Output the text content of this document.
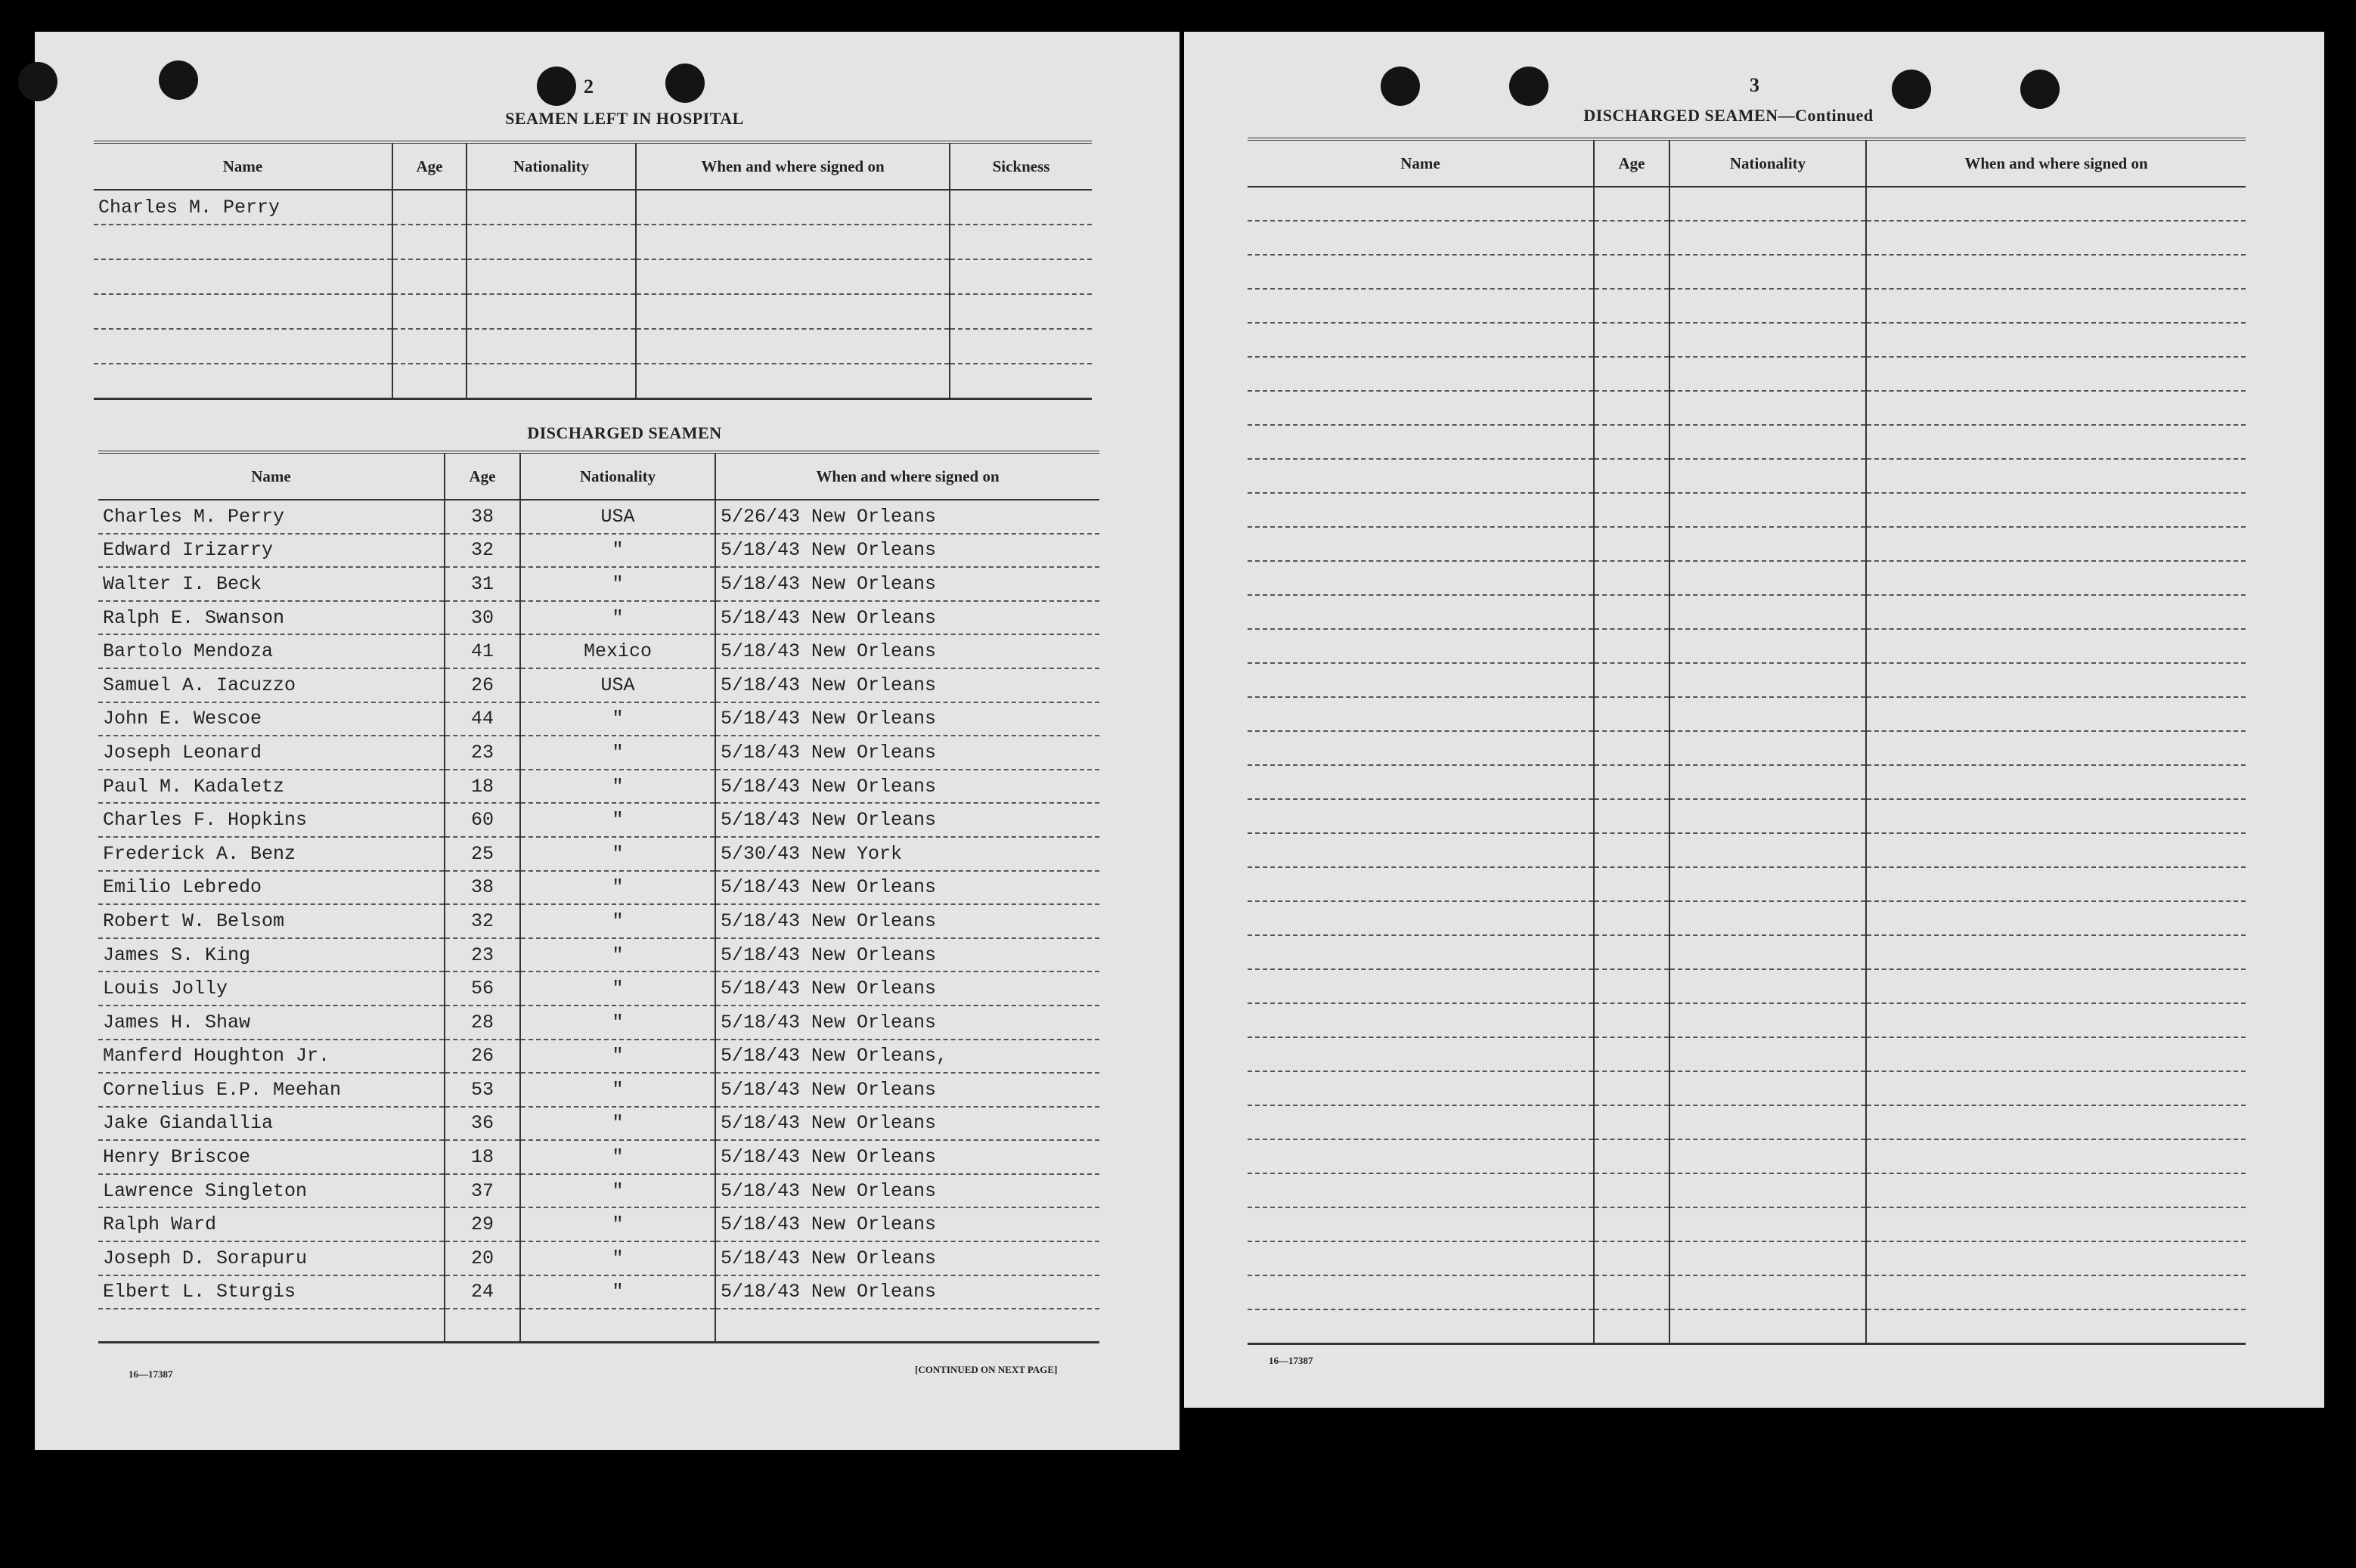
2
SEAMEN LEFT IN HOSPITAL
Name	Age	Nationality	When and where signed on	Sickness
Charles M. Perry				

DISCHARGED SEAMEN
Name	Age	Nationality	When and where signed on
Charles M. Perry	38	USA	5/26/43 New Orleans
Edward Irizarry	32	"	5/18/43 New Orleans
Walter I. Beck	31	"	5/18/43 New Orleans
Ralph E. Swanson	30	"	5/18/43 New Orleans
Bartolo Mendoza	41	Mexico	5/18/43 New Orleans
Samuel A. Iacuzzo	26	USA	5/18/43 New Orleans
John E. Wescoe	44	"	5/18/43 New Orleans
Joseph Leonard	23	"	5/18/43 New Orleans
Paul M. Kadaletz	18	"	5/18/43 New Orleans
Charles F. Hopkins	60	"	5/18/43 New Orleans
Frederick A. Benz	25	"	5/30/43 New York
Emilio Lebredo	38	"	5/18/43 New Orleans
Robert W. Belsom	32	"	5/18/43 New Orleans
James S. King	23	"	5/18/43 New Orleans
Louis Jolly	56	"	5/18/43 New Orleans
James H. Shaw	28	"	5/18/43 New Orleans
Manferd Houghton Jr.	26	"	5/18/43 New Orleans,
Cornelius E.P. Meehan	53	"	5/18/43 New Orleans
Jake Giandallia	36	"	5/18/43 New Orleans
Henry Briscoe	18	"	5/18/43 New Orleans
Lawrence Singleton	37	"	5/18/43 New Orleans
Ralph Ward	29	"	5/18/43 New Orleans
Joseph D. Sorapuru	20	"	5/18/43 New Orleans
Elbert L. Sturgis	24	"	5/18/43 New Orleans

16—17387	[CONTINUED ON NEXT PAGE]
3
DISCHARGED SEAMEN—Continued
Name	Age	Nationality	When and where signed on

16—17387
